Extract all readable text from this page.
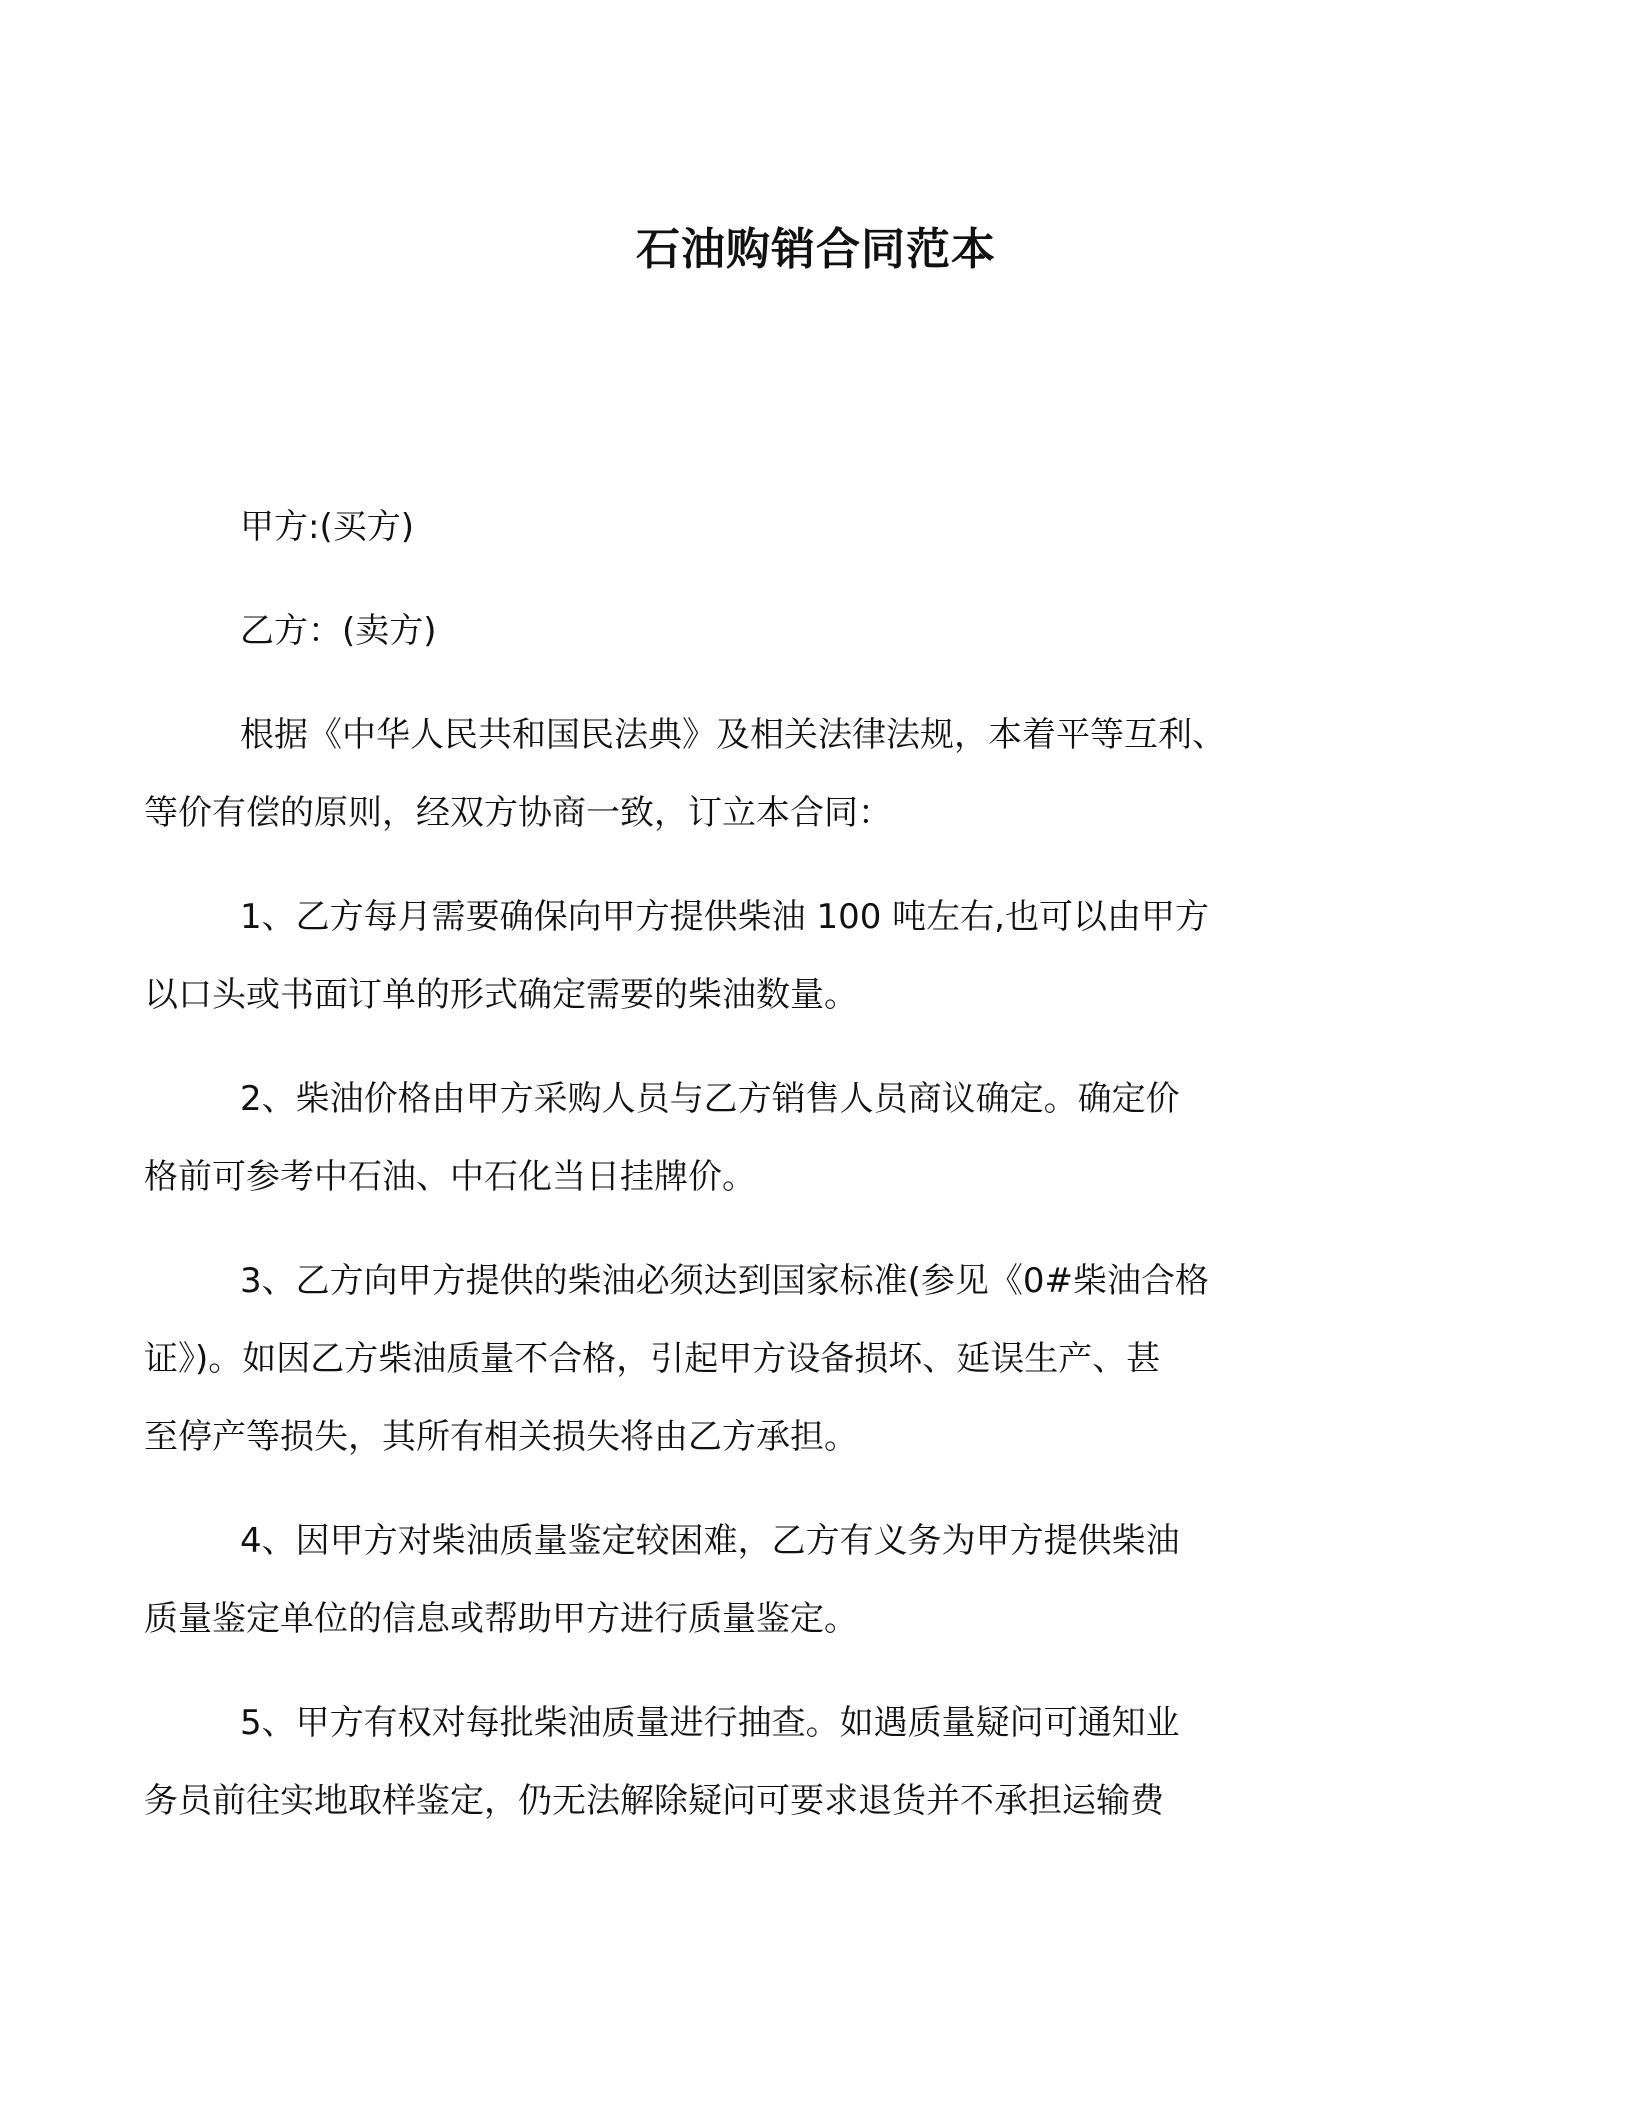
石油购销合同范本

甲方:(买方)

乙方：(卖方)

根据《中华人民共和国民法典》及相关法律法规，本着平等互利、
等价有偿的原则，经双方协商一致，订立本合同：

1、乙方每月需要确保向甲方提供柴油 100 吨左右,也可以由甲方
以口头或书面订单的形式确定需要的柴油数量。

2、柴油价格由甲方采购人员与乙方销售人员商议确定。确定价
格前可参考中石油、中石化当日挂牌价。

3、乙方向甲方提供的柴油必须达到国家标准(参见《0#柴油合格
证》)。如因乙方柴油质量不合格，引起甲方设备损坏、延误生产、甚
至停产等损失，其所有相关损失将由乙方承担。

4、因甲方对柴油质量鉴定较困难，乙方有义务为甲方提供柴油
质量鉴定单位的信息或帮助甲方进行质量鉴定。

5、甲方有权对每批柴油质量进行抽查。如遇质量疑问可通知业
务员前往实地取样鉴定，仍无法解除疑问可要求退货并不承担运输费
